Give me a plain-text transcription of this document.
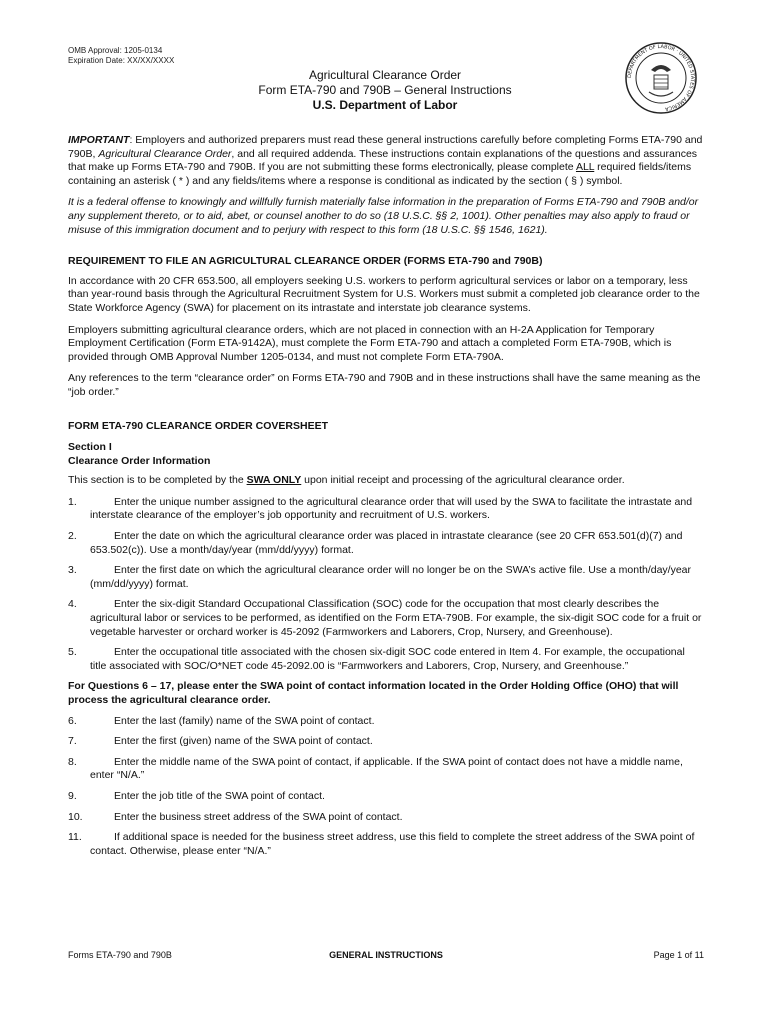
OMB Approval: 1205-0134
Expiration Date: XX/XX/XXXX
Agricultural Clearance Order
Form ETA-790 and 790B – General Instructions
U.S. Department of Labor
DEPARTMENT OF LABOR · UNITED STATES OF AMERICA

IMPORTANT: Employers and authorized preparers must read these general instructions carefully before completing Forms ETA-790 and 790B, Agricultural Clearance Order, and all required addenda. These instructions contain explanations of the questions and assurances that make up Forms ETA-790 and 790B. If you are not submitting these forms electronically, please complete ALL required fields/items containing an asterisk ( * ) and any fields/items where a response is conditional as indicated by the section ( § ) symbol.

It is a federal offense to knowingly and willfully furnish materially false information in the preparation of Forms ETA-790 and 790B and/or any supplement thereto, or to aid, abet, or counsel another to do so (18 U.S.C. §§ 2, 1001). Other penalties may also apply to fraud or misuse of this immigration document and to perjury with respect to this form (18 U.S.C. §§ 1546, 1621).

REQUIREMENT TO FILE AN AGRICULTURAL CLEARANCE ORDER (FORMS ETA-790 and 790B)

In accordance with 20 CFR 653.500, all employers seeking U.S. workers to perform agricultural services or labor on a temporary, less than year-round basis through the Agricultural Recruitment System for U.S. Workers must submit a completed job clearance order to the State Workforce Agency (SWA) for placement on its intrastate and interstate job clearance systems.

Employers submitting agricultural clearance orders, which are not placed in connection with an H-2A Application for Temporary Employment Certification (Form ETA-9142A), must complete the Form ETA-790 and attach a completed Form ETA-790B, which is provided through OMB Approval Number 1205-0134, and must not complete Form ETA-790A.

Any references to the term “clearance order” on Forms ETA-790 and 790B and in these instructions shall have the same meaning as the “job order.”

FORM ETA-790 CLEARANCE ORDER COVERSHEET
Section I
Clearance Order Information

This section is to be completed by the SWA ONLY upon initial receipt and processing of the agricultural clearance order.

1.	Enter the unique number assigned to the agricultural clearance order that will used by the SWA to facilitate the intrastate and interstate clearance of the employer’s job opportunity and recruitment of U.S. workers.
2.	Enter the date on which the agricultural clearance order was placed in intrastate clearance (see 20 CFR 653.501(d)(7) and 653.502(c)). Use a month/day/year (mm/dd/yyyy) format.
3.	Enter the first date on which the agricultural clearance order will no longer be on the SWA’s active file. Use a month/day/year (mm/dd/yyyy) format.
4.	Enter the six-digit Standard Occupational Classification (SOC) code for the occupation that most clearly describes the agricultural labor or services to be performed, as identified on the Form ETA-790B. For example, the six-digit SOC code for a fruit or vegetable harvester or orchard worker is 45-2092 (Farmworkers and Laborers, Crop, Nursery, and Greenhouse).
5.	Enter the occupational title associated with the chosen six-digit SOC code entered in Item 4. For example, the occupational title associated with SOC/O*NET code 45-2092.00 is “Farmworkers and Laborers, Crop, Nursery, and Greenhouse.”
For Questions 6 – 17, please enter the SWA point of contact information located in the Order Holding Office (OHO) that will process the agricultural clearance order.
6.	Enter the last (family) name of the SWA point of contact.
7.	Enter the first (given) name of the SWA point of contact.
8.	Enter the middle name of the SWA point of contact, if applicable. If the SWA point of contact does not have a middle name, enter “N/A.”
9.	Enter the job title of the SWA point of contact.
10.	Enter the business street address of the SWA point of contact.
11.	If additional space is needed for the business street address, use this field to complete the street address of the SWA point of contact. Otherwise, please enter “N/A.”
Forms ETA-790 and 790B	GENERAL INSTRUCTIONS	Page 1 of 11
